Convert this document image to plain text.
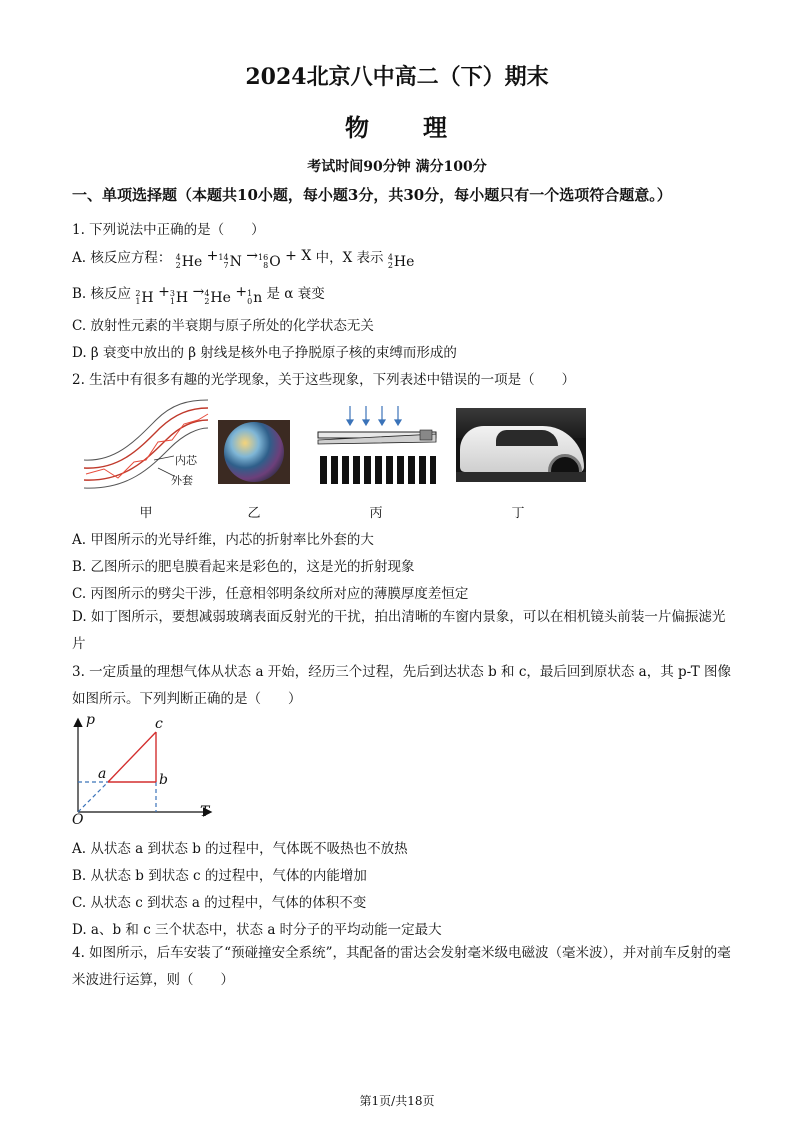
2024北京八中高二（下）期末
物　　理
考试时间90分钟 满分100分
一、单项选择题（本题共10小题，每小题3分，共30分，每小题只有一个选项符合题意。）
1. 下列说法中正确的是（　　）
A. 核反应方程： 4
2 He + 14
7 N → 16
8 O + X 中，X 表示 4
2 He
B. 核反应 2
1 H + 3
1 H → 4
2 He + 1
0 n 是 α 衰变
C. 放射性元素的半衰期与原子所处的化学状态无关
D. β 衰变中放出的 β 射线是核外电子挣脱原子核的束缚而形成的
2. 生活中有很多有趣的光学现象，关于这些现象，下列表述中错误的一项是（　　）
内芯
外套
甲	乙	丙	丁
A. 甲图所示的光导纤维，内芯的折射率比外套的大
B. 乙图所示的肥皂膜看起来是彩色的，这是光的折射现象
C. 丙图所示的劈尖干涉，任意相邻明条纹所对应的薄膜厚度差恒定
D. 如丁图所示，要想减弱玻璃表面反射光的干扰，拍出清晰的车窗内景象，可以在相机镜头前装一片偏振滤光片
3. 一定质量的理想气体从状态 a 开始，经历三个过程，先后到达状态 b 和 c，最后回到原状态 a，其 p-T 图像如图所示。下列判断正确的是（　　）
p
T
O
a	b
c
A. 从状态 a 到状态 b 的过程中，气体既不吸热也不放热
B. 从状态 b 到状态 c 的过程中，气体的内能增加
C. 从状态 c 到状态 a 的过程中，气体的体积不变
D. a、b 和 c 三个状态中，状态 a 时分子的平均动能一定最大
4. 如图所示，后车安装了“预碰撞安全系统”，其配备的雷达会发射毫米级电磁波（毫米波），并对前车反射的毫米波进行运算，则（　　）
第1页/共18页
